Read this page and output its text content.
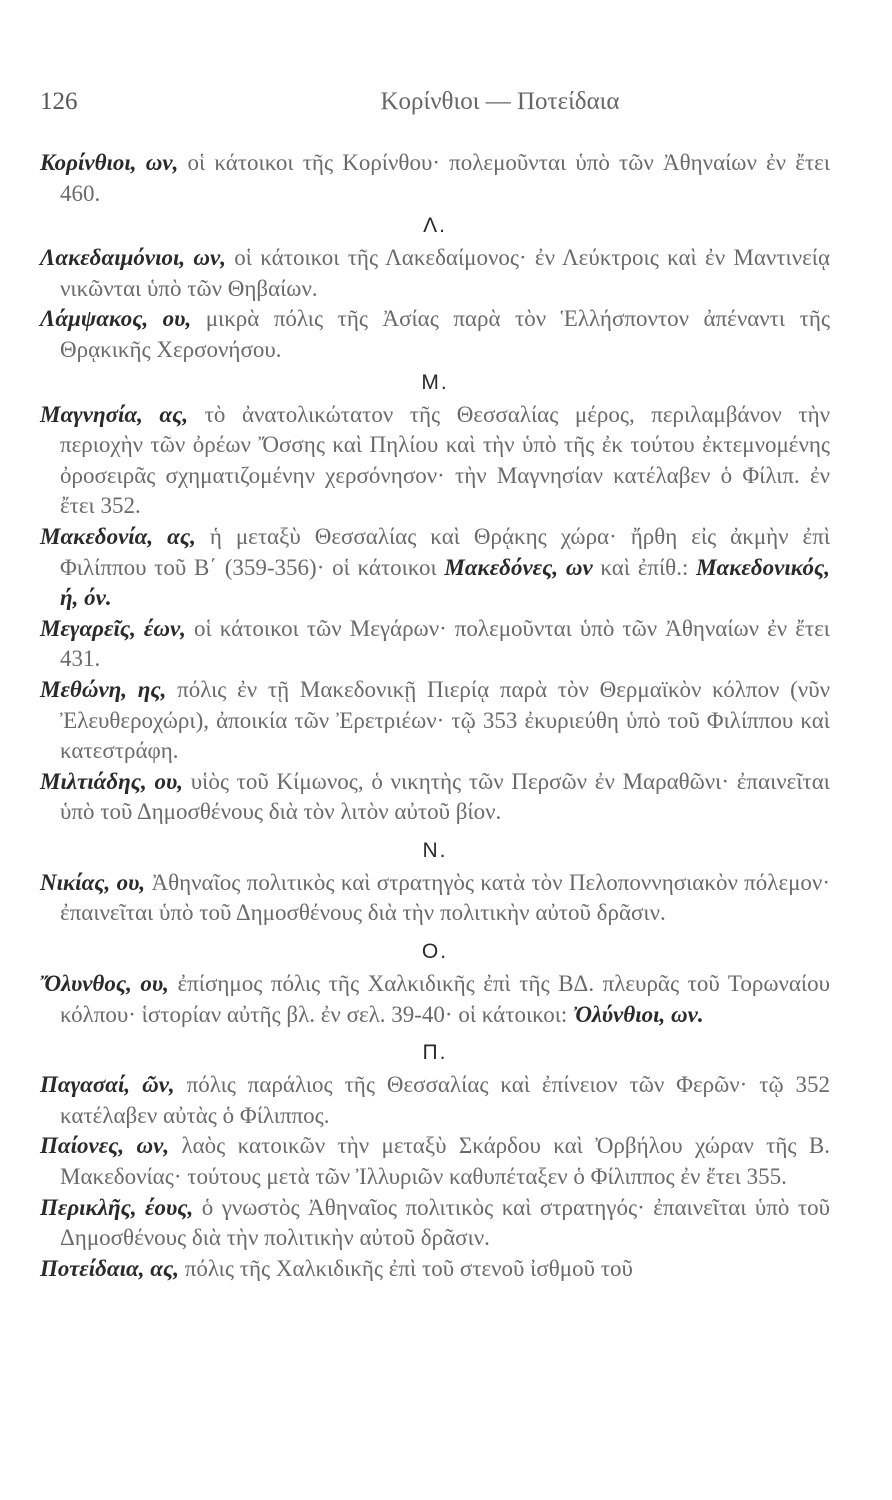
126	Κορίνθιοι — Ποτείδαια

Κορίνθιοι, ων, οἱ κάτοικοι τῆς Κορίνθου· πολεμοῦνται ὑπὸ τῶν Ἀθηναίων ἐν ἔτει 460.

Λ.

Λακεδαιμόνιοι, ων, οἱ κάτοικοι τῆς Λακεδαίμονος· ἐν Λεύκτροις καὶ ἐν Μαντινείᾳ νικῶνται ὑπὸ τῶν Θηβαίων.

Λάμψακος, ου, μικρὰ πόλις τῆς Ἀσίας παρὰ τὸν Ἑλλήσποντον ἀπέναντι τῆς Θρᾳκικῆς Χερσονήσου.

Μ.

Μαγνησία, ας, τὸ ἀνατολικώτατον τῆς Θεσσαλίας μέρος, περιλαμβάνον τὴν περιοχὴν τῶν ὀρέων Ὄσσης καὶ Πηλίου καὶ τὴν ὑπὸ τῆς ἐκ τούτου ἐκτεμνομένης ὀροσειρᾶς σχηματιζομένην χερσόνησον· τὴν Μαγνησίαν κατέλαβεν ὁ Φίλιπ. ἐν ἔτει 352.

Μακεδονία, ας, ἡ μεταξὺ Θεσσαλίας καὶ Θρᾴκης χώρα· ἤρθη εἰς ἀκμὴν ἐπὶ Φιλίππου τοῦ Β΄ (359-356)· οἱ κάτοικοι Μακεδόνες, ων καὶ ἐπίθ.: Μακεδονικός, ή, όν.

Μεγαρεῖς, έων, οἱ κάτοικοι τῶν Μεγάρων· πολεμοῦνται ὑπὸ τῶν Ἀθηναίων ἐν ἔτει 431.

Μεθώνη, ης, πόλις ἐν τῇ Μακεδονικῇ Πιερίᾳ παρὰ τὸν Θερμαϊκὸν κόλπον (νῦν Ἐλευθεροχώρι), ἀποικία τῶν Ἐρετριέων· τῷ 353 ἐκυριεύθη ὑπὸ τοῦ Φιλίππου καὶ κατεστράφη.

Μιλτιάδης, ου, υἱὸς τοῦ Κίμωνος, ὁ νικητὴς τῶν Περσῶν ἐν Μαραθῶνι· ἐπαινεῖται ὑπὸ τοῦ Δημοσθένους διὰ τὸν λιτὸν αὐτοῦ βίον.

Ν.

Νικίας, ου, Ἀθηναῖος πολιτικὸς καὶ στρατηγὸς κατὰ τὸν Πελοποννησιακὸν πόλεμον· ἐπαινεῖται ὑπὸ τοῦ Δημοσθένους διὰ τὴν πολιτικὴν αὐτοῦ δρᾶσιν.

Ο.

Ὄλυνθος, ου, ἐπίσημος πόλις τῆς Χαλκιδικῆς ἐπὶ τῆς ΒΔ. πλευρᾶς τοῦ Τορωναίου κόλπου· ἱστορίαν αὐτῆς βλ. ἐν σελ. 39-40· οἱ κάτοικοι: Ὀλύνθιοι, ων.

Π.

Παγασαί, ῶν, πόλις παράλιος τῆς Θεσσαλίας καὶ ἐπίνειον τῶν Φερῶν· τῷ 352 κατέλαβεν αὐτὰς ὁ Φίλιππος.

Παίονες, ων, λαὸς κατοικῶν τὴν μεταξὺ Σκάρδου καὶ Ὀρβήλου χώραν τῆς Β. Μακεδονίας· τούτους μετὰ τῶν Ἰλλυριῶν καθυπέταξεν ὁ Φίλιππος ἐν ἔτει 355.

Περικλῆς, έους, ὁ γνωστὸς Ἀθηναῖος πολιτικὸς καὶ στρατηγός· ἐπαινεῖται ὑπὸ τοῦ Δημοσθένους διὰ τὴν πολιτικὴν αὐτοῦ δρᾶσιν.

Ποτείδαια, ας, πόλις τῆς Χαλκιδικῆς ἐπὶ τοῦ στενοῦ ἰσθμοῦ τοῦ
